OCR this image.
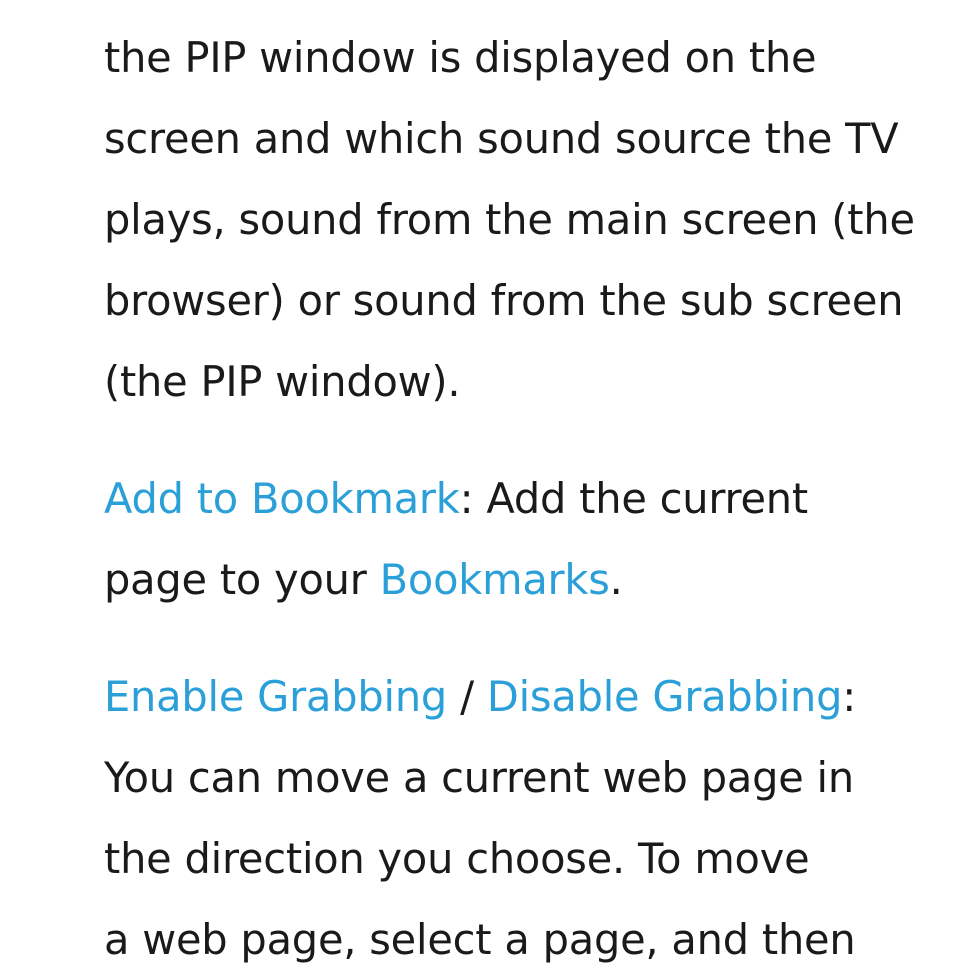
the PIP window is displayed on the
screen and which sound source the TV
plays, sound from the main screen (the
browser) or sound from the sub screen
(the PIP window).

Add to Bookmark: Add the current
page to your Bookmarks.

Enable Grabbing / Disable Grabbing:
You can move a current web page in
the direction you choose. To move
a web page, select a page, and then
